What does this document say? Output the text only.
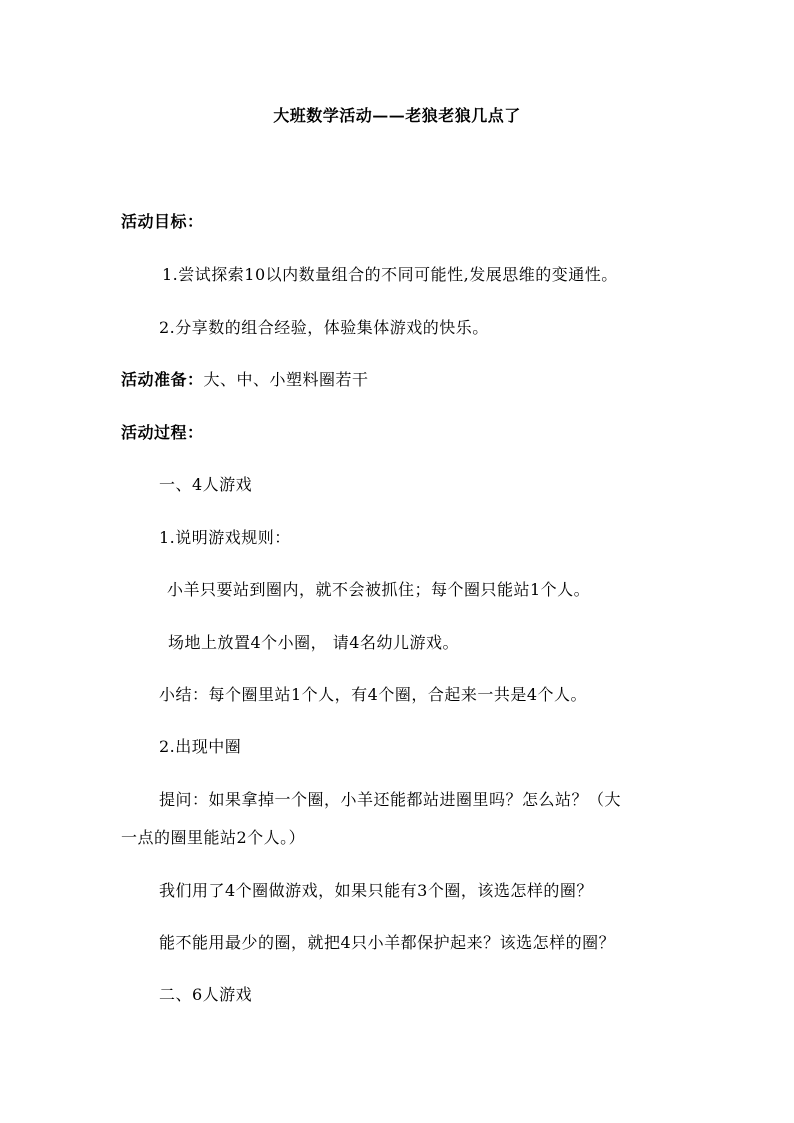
大班数学活动——老狼老狼几点了
活动目标：
1.尝试探索10以内数量组合的不同可能性,发展思维的变通性。
2.分享数的组合经验，体验集体游戏的快乐。
活动准备：大、中、小塑料圈若干
活动过程：
一、4人游戏
1.说明游戏规则：
小羊只要站到圈内，就不会被抓住；每个圈只能站1个人。
场地上放置4个小圈， 请4名幼儿游戏。
小结：每个圈里站1个人，有4个圈，合起来一共是4个人。
2.出现中圈
提问：如果拿掉一个圈，小羊还能都站进圈里吗？怎么站？（大
一点的圈里能站2个人。）
我们用了4个圈做游戏，如果只能有3个圈，该选怎样的圈？
能不能用最少的圈，就把4只小羊都保护起来？该选怎样的圈？
二、6人游戏
